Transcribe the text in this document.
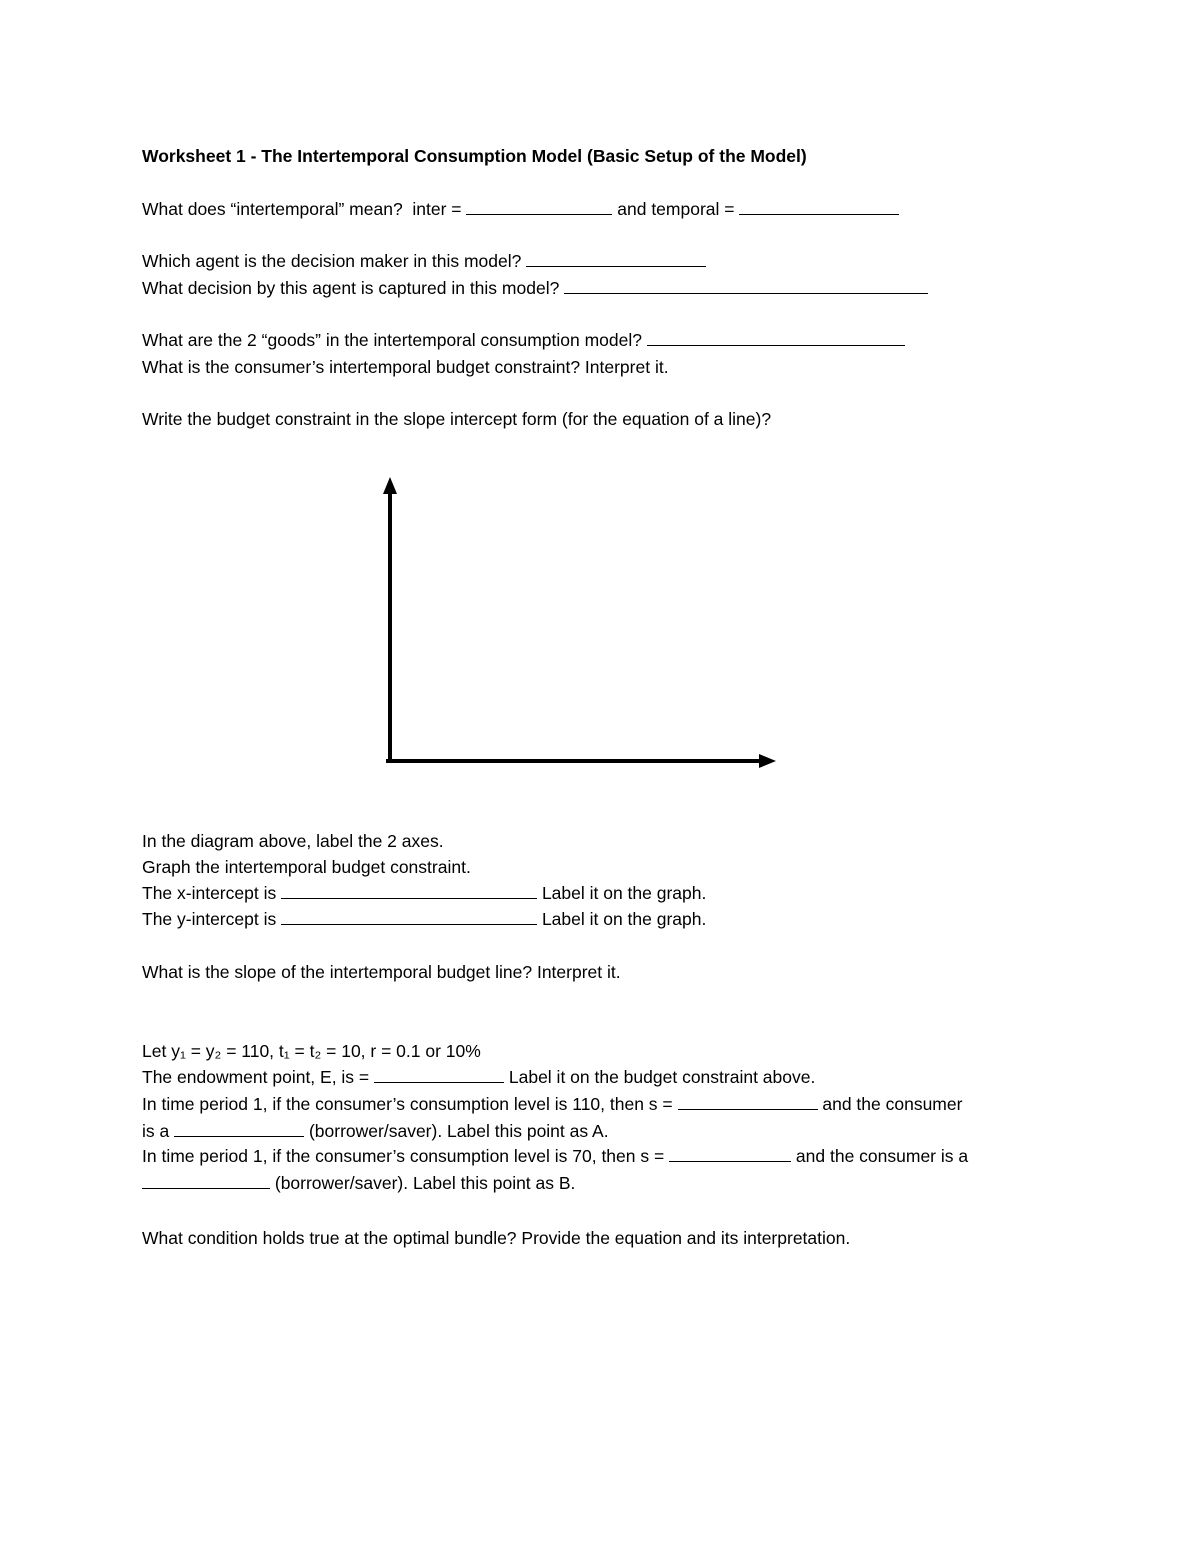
Worksheet 1 - The Intertemporal Consumption Model (Basic Setup of the Model)

What does “intertemporal” mean?  inter =	and temporal =

Which agent is the decision maker in this model?

What decision by this agent is captured in this model?

What are the 2 “goods” in the intertemporal consumption model?

What is the consumer’s intertemporal budget constraint? Interpret it.

Write the budget constraint in the slope intercept form (for the equation of a line)?

In the diagram above, label the 2 axes.

Graph the intertemporal budget constraint.

The x-intercept is	Label it on the graph.

The y-intercept is	Label it on the graph.

What is the slope of the intertemporal budget line? Interpret it.

Let y₁ = y₂ = 110, t₁ = t₂ = 10, r = 0.1 or 10%

The endowment point, E, is =	Label it on the budget constraint above.

In time period 1, if the consumer’s consumption level is 110, then s =	and the consumer

is a	(borrower/saver). Label this point as A.

In time period 1, if the consumer’s consumption level is 70, then s =	and the consumer is a

(borrower/saver). Label this point as B.

What condition holds true at the optimal bundle? Provide the equation and its interpretation.
